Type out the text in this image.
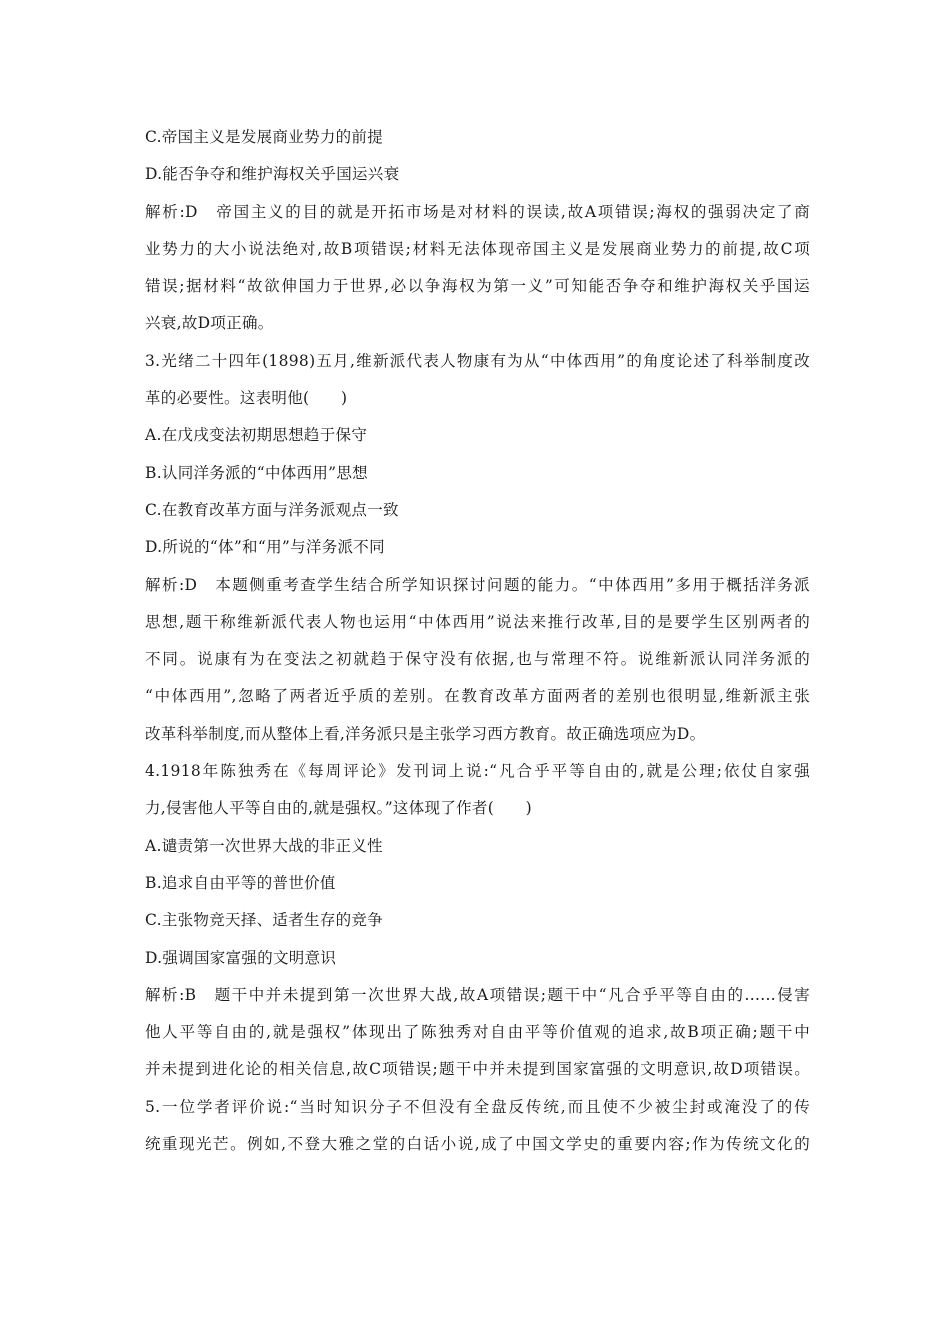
C.帝国主义是发展商业势力的前提
D.能否争夺和维护海权关乎国运兴衰
解析:D　帝国主义的目的就是开拓市场是对材料的误读,故A项错误;海权的强弱决定了商
业势力的大小说法绝对,故B项错误;材料无法体现帝国主义是发展商业势力的前提,故C项
错误;据材料“故欲伸国力于世界,必以争海权为第一义”可知能否争夺和维护海权关乎国运
兴衰,故D项正确。
3.光绪二十四年(1898)五月,维新派代表人物康有为从“中体西用”的角度论述了科举制度改
革的必要性。这表明他(　　)
A.在戊戌变法初期思想趋于保守
B.认同洋务派的“中体西用”思想
C.在教育改革方面与洋务派观点一致
D.所说的“体”和“用”与洋务派不同
解析:D　本题侧重考查学生结合所学知识探讨问题的能力。“中体西用”多用于概括洋务派
思想,题干称维新派代表人物也运用“中体西用”说法来推行改革,目的是要学生区别两者的
不同。说康有为在变法之初就趋于保守没有依据,也与常理不符。说维新派认同洋务派的
“中体西用”,忽略了两者近乎质的差别。在教育改革方面两者的差别也很明显,维新派主张
改革科举制度,而从整体上看,洋务派只是主张学习西方教育。故正确选项应为D。
4.1918年陈独秀在《每周评论》发刊词上说:“凡合乎平等自由的,就是公理;依仗自家强
力,侵害他人平等自由的,就是强权。”这体现了作者(　　)
A.谴责第一次世界大战的非正义性
B.追求自由平等的普世价值
C.主张物竞天择、适者生存的竞争
D.强调国家富强的文明意识
解析:B　题干中并未提到第一次世界大战,故A项错误;题干中“凡合乎平等自由的......侵害
他人平等自由的,就是强权”体现出了陈独秀对自由平等价值观的追求,故B项正确;题干中
并未提到进化论的相关信息,故C项错误;题干中并未提到国家富强的文明意识,故D项错误。
5.一位学者评价说:“当时知识分子不但没有全盘反传统,而且使不少被尘封或淹没了的传
统重现光芒。例如,不登大雅之堂的白话小说,成了中国文学史的重要内容;作为传统文化的
